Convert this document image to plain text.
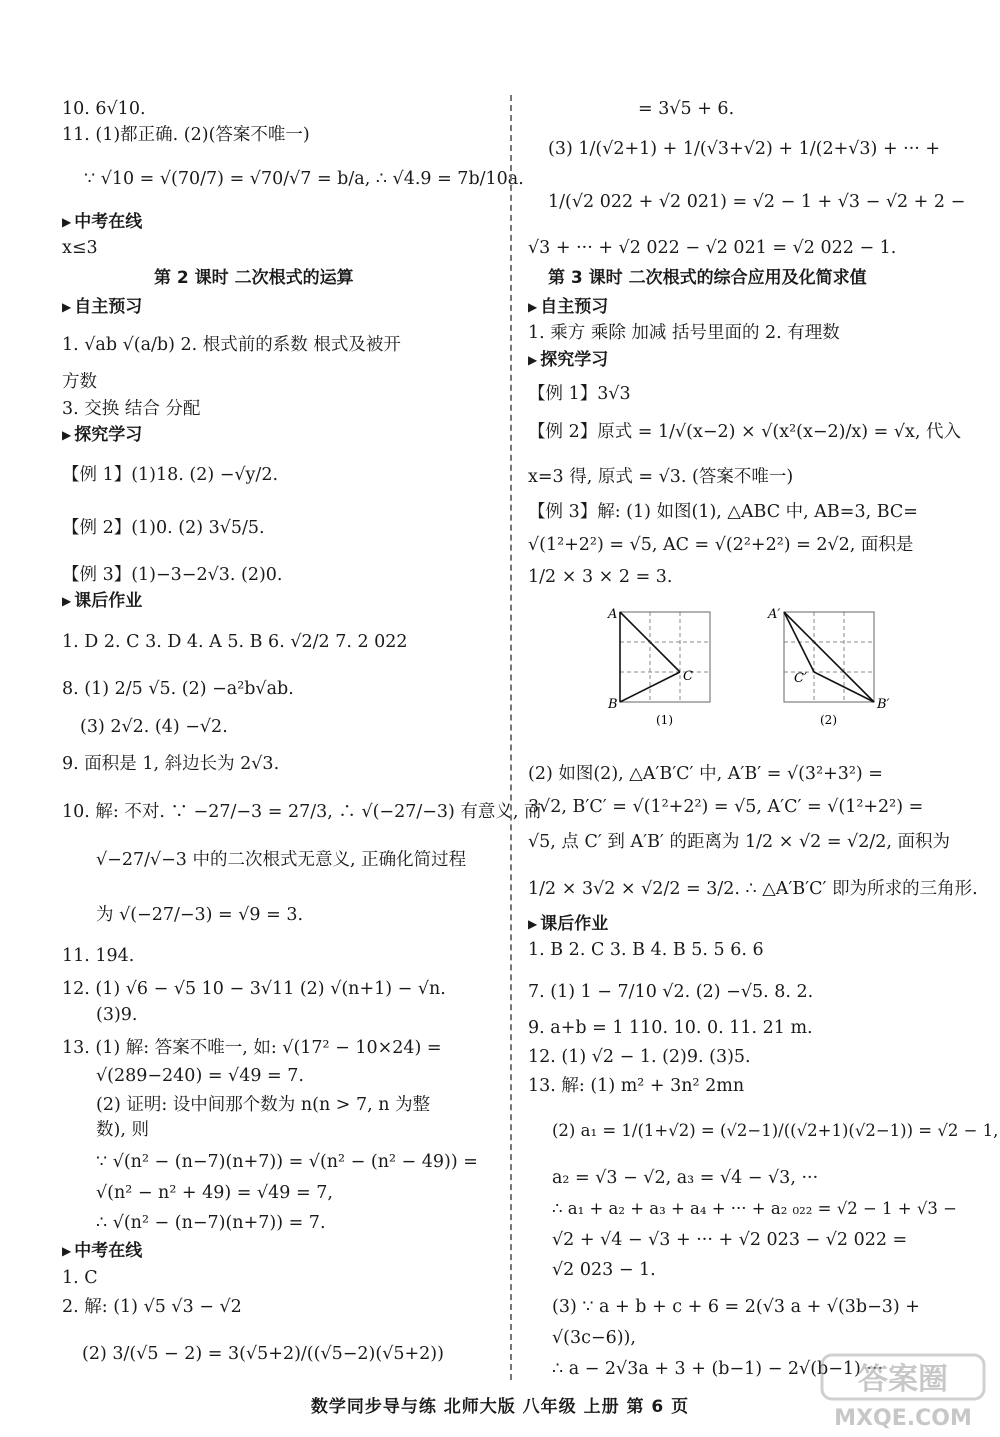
10. 6√10.
11. (1)都正确. (2)(答案不唯一)
∵ √10 = √(70/7) = √70/√7 = b/a, ∴ √4.9 = 7b/10a.
▶ 中考在线
x≤3
第 2 课时 二次根式的运算
▶ 自主预习
1. √ab √(a/b) 2. 根式前的系数 根式及被开
方数
3. 交换 结合 分配
▶ 探究学习
【例 1】(1)18. (2) −√y/2.
【例 2】(1)0. (2) 3√5/5.
【例 3】(1)−3−2√3. (2)0.
▶ 课后作业
1. D 2. C 3. D 4. A 5. B 6. √2/2 7. 2 022
8. (1) 2/5 √5. (2) −a²b√ab.
(3) 2√2. (4) −√2.
9. 面积是 1, 斜边长为 2√3.
10. 解: 不对. ∵ −27/−3 = 27/3, ∴ √(−27/−3) 有意义, 而
√−27/√−3 中的二次根式无意义, 正确化简过程
为 √(−27/−3) = √9 = 3.
11. 194.
12. (1) √6 − √5 10 − 3√11 (2) √(n+1) − √n.
(3)9.
13. (1) 解: 答案不唯一, 如: √(17² − 10×24) =
√(289−240) = √49 = 7.
(2) 证明: 设中间那个数为 n(n > 7, n 为整
数), 则
∵ √(n² − (n−7)(n+7)) = √(n² − (n² − 49)) =
√(n² − n² + 49) = √49 = 7,
∴ √(n² − (n−7)(n+7)) = 7.
▶ 中考在线
1. C
2. 解: (1) √5 √3 − √2
(2) 3/(√5 − 2) = 3(√5+2)/((√5−2)(√5+2))
= 3√5 + 6.
(3) 1/(√2+1) + 1/(√3+√2) + 1/(2+√3) + ··· +
1/(√2 022 + √2 021) = √2 − 1 + √3 − √2 + 2 −
√3 + ··· + √2 022 − √2 021 = √2 022 − 1.
第 3 课时 二次根式的综合应用及化简求值
▶ 自主预习
1. 乘方 乘除 加减 括号里面的 2. 有理数
▶ 探究学习
【例 1】3√3
【例 2】原式 = 1/√(x−2) × √(x²(x−2)/x) = √x, 代入
x=3 得, 原式 = √3. (答案不唯一)
【例 3】解: (1) 如图(1), △ABC 中, AB=3, BC=
√(1²+2²) = √5, AC = √(2²+2²) = 2√2, 面积是
1/2 × 3 × 2 = 3.
A
B
C
(1)
A′
B′
C′
(2)
(2) 如图(2), △A′B′C′ 中, A′B′ = √(3²+3²) =
3√2, B′C′ = √(1²+2²) = √5, A′C′ = √(1²+2²) =
√5, 点 C′ 到 A′B′ 的距离为 1/2 × √2 = √2/2, 面积为
1/2 × 3√2 × √2/2 = 3/2. ∴ △A′B′C′ 即为所求的三角形.
▶ 课后作业
1. B 2. C 3. B 4. B 5. 5 6. 6
7. (1) 1 − 7/10 √2. (2) −√5. 8. 2.
9. a+b = 1 110. 10. 0. 11. 21 m.
12. (1) √2 − 1. (2)9. (3)5.
13. 解: (1) m² + 3n² 2mn
(2) a₁ = 1/(1+√2) = (√2−1)/((√2+1)(√2−1)) = √2 − 1,
a₂ = √3 − √2, a₃ = √4 − √3, ···
∴ a₁ + a₂ + a₃ + a₄ + ··· + a₂ ₀₂₂ = √2 − 1 + √3 −
√2 + √4 − √3 + ··· + √2 023 − √2 022 =
√2 023 − 1.
(3) ∵ a + b + c + 6 = 2(√3 a + √(3b−3) +
√(3c−6)),
∴ a − 2√3a + 3 + (b−1) − 2√(b−1) ···
数学同步导与练 北师大版 八年级 上册 第 6 页
答案圈
MXQE.COM
